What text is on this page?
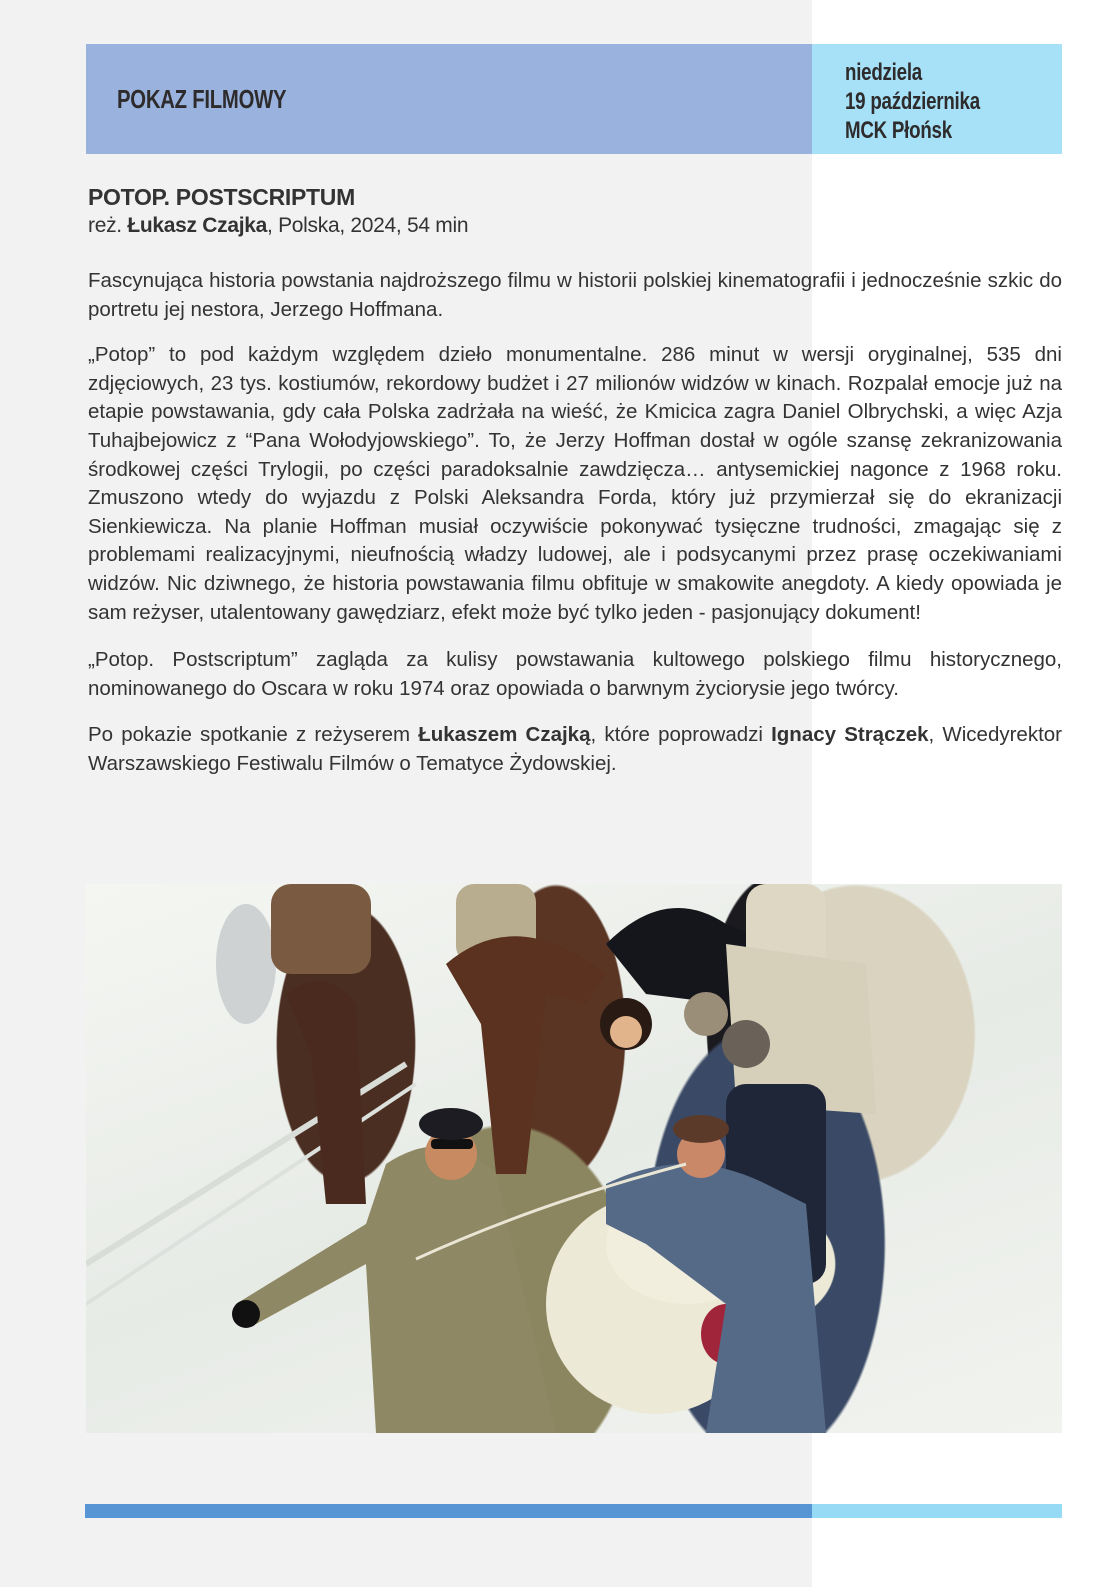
POKAZ FILMOWY
niedziela
19 października
MCK Płońsk
POTOP. POSTSCRIPTUM

reż. Łukasz Czajka, Polska, 2024, 54 min

Fascynująca historia powstania najdroższego filmu w historii polskiej kinematografii i jednocześnie szkic do portretu jej nestora, Jerzego Hoffmana.

„Potop” to pod każdym względem dzieło monumentalne. 286 minut w wersji oryginalnej, 535 dni zdjęciowych, 23 tys. kostiumów, rekordowy budżet i 27 milionów widzów w kinach. Rozpalał emocje już na etapie powstawania, gdy cała Polska zadrżała na wieść, że Kmicica zagra Daniel Olbrychski, a więc Azja Tuhajbejowicz z “Pana Wołodyjowskiego”. To, że Jerzy Hoffman dostał w ogóle szansę zekranizowania środkowej części Trylogii, po części paradoksalnie zawdzięcza… antysemickiej nagonce z 1968 roku. Zmuszono wtedy do wyjazdu z Polski Aleksandra Forda, który już przymierzał się do ekranizacji Sienkiewicza. Na planie Hoffman musiał oczywiście pokonywać tysięczne trudności, zmagając się z problemami realizacyjnymi, nieufnością władzy ludowej, ale i podsycanymi przez prasę oczekiwaniami widzów. Nic dziwnego, że historia powstawania filmu obfituje w smakowite anegdoty. A kiedy opowiada je sam reżyser, utalentowany gawędziarz, efekt może być tylko jeden - pasjonujący dokument!

„Potop. Postscriptum” zagląda za kulisy powstawania kultowego polskiego filmu historycznego, nominowanego do Oscara w roku 1974 oraz opowiada o barwnym życiorysie jego twórcy.

Po pokazie spotkanie z reżyserem Łukaszem Czajką, które poprowadzi Ignacy Strączek, Wicedyrektor Warszawskiego Festiwalu Filmów o Tematyce Żydowskiej.
